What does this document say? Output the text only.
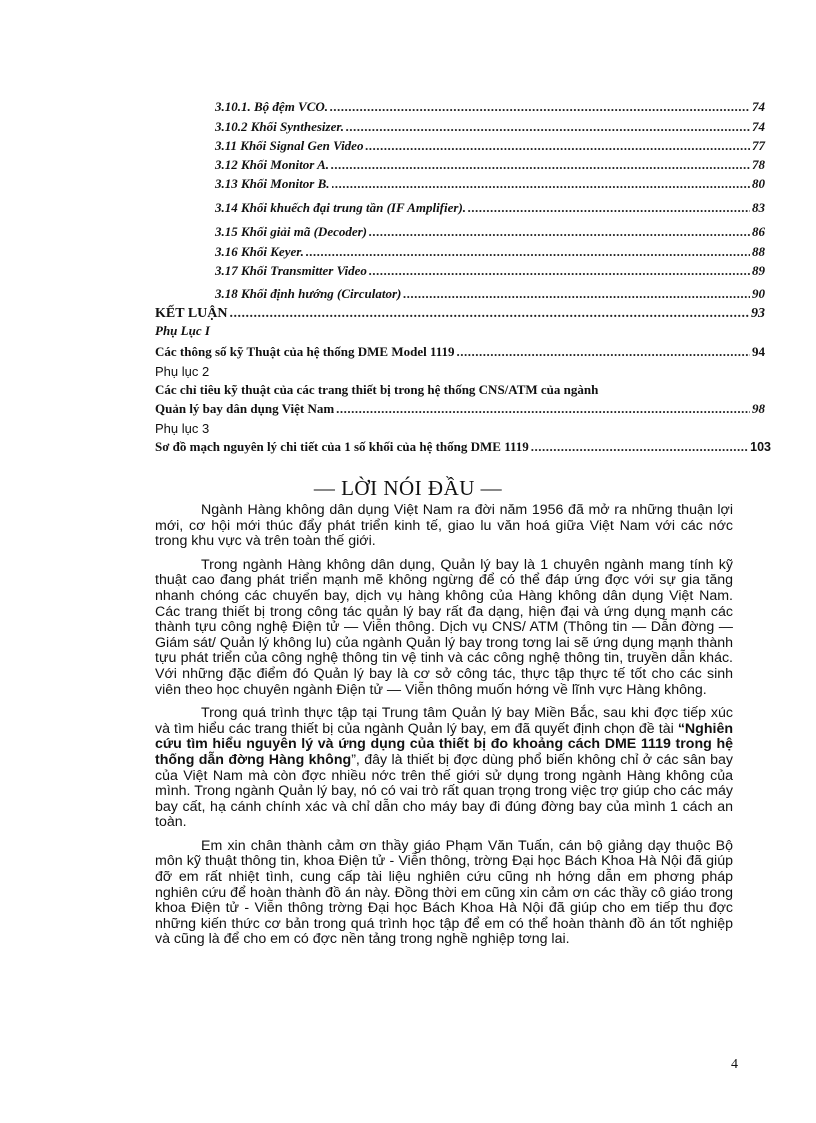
3.10.1. Bộ đệm VCO. .....	74
3.10.2 Khối Synthesizer. .....	74
3.11 Khối Signal Gen Video .....	77
3.12 Khối Monitor A. .....	78
3.13 Khối Monitor B. .....	80
3.14 Khối khuếch đại trung tần (IF Amplifier). .....	83
3.15 Khối giải mã (Decoder) .....	86
3.16 Khối Keyer. .....	88
3.17 Khối Transmitter Video .....	89
3.18 Khối định hướng (Circulator) .....	90
KẾT LUẬN .....	93
Phụ Lục I
Các thông số kỹ Thuật của hệ thống DME Model 1119 .....	94
Phụ lục 2
Các chỉ tiêu kỹ thuật của các trang thiết bị trong hệ thống CNS/ATM của ngành
Quản lý bay dân dụng Việt Nam .....	98
Phụ lục 3
Sơ đồ mạch nguyên lý chi tiết của 1 số khối của hệ thống DME 1119 .....	103
— LỜI NÓI ĐẦU —

Ngành Hàng không dân dụng Việt Nam ra đời năm 1956 đã mở ra những thuận lợi mới, cơ hội mới thúc đẩy phát triển kinh tế, giao lu văn hoá giữa Việt Nam với các nớc trong khu vực và trên toàn thế giới.

Trong ngành Hàng không dân dụng, Quản lý bay là 1 chuyên ngành mang tính kỹ thuật cao đang phát triển mạnh mẽ không ngừng để có thể đáp ứng đợc với sự gia tăng nhanh chóng các chuyến bay, dịch vụ hàng không của Hàng không dân dụng Việt Nam. Các trang thiết bị trong công tác quản lý bay rất đa dạng, hiện đại và ứng dụng mạnh các thành tựu công nghệ Điện tử — Viễn thông. Dịch vụ CNS/ ATM (Thông tin — Dẫn đờng — Giám sát/ Quản lý không lu) của ngành Quản lý bay trong tơng lai sẽ ứng dụng mạnh thành tựu phát triển của công nghệ thông tin vệ tinh và các công nghệ thông tin, truyền dẫn khác. Với những đặc điểm đó Quản lý bay là cơ sở công tác, thực tập thực tế tốt cho các sinh viên theo học chuyên ngành Điện tử — Viễn thông muốn hớng về lĩnh vực Hàng không.

Trong quá trình thực tập tại Trung tâm Quản lý bay Miền Bắc, sau khi đợc tiếp xúc và tìm hiểu các trang thiết bị của ngành Quản lý bay, em đã quyết định chọn đề tài “Nghiên cứu tìm hiểu nguyên lý và ứng dụng của thiết bị đo khoảng cách DME 1119 trong hệ thống dẫn đờng Hàng không”, đây là thiết bị đợc dùng phổ biến không chỉ ở các sân bay của Việt Nam mà còn đợc nhiều nớc trên thế giới sử dụng trong ngành Hàng không của mình. Trong ngành Quản lý bay, nó có vai trò rất quan trọng trong việc trợ giúp cho các máy bay cất, hạ cánh chính xác và chỉ dẫn cho máy bay đi đúng đờng bay của mình 1 cách an toàn.

Em xin chân thành cảm ơn thầy giáo Phạm Văn Tuấn, cán bộ giảng dạy thuộc Bộ môn kỹ thuật thông tin, khoa Điện tử - Viễn thông, trờng Đại học Bách Khoa Hà Nội đã giúp đỡ em rất nhiệt tình, cung cấp tài liệu nghiên cứu cũng nh hớng dẫn em phơng pháp nghiên cứu để hoàn thành đồ án này. Đồng thời em cũng xin cảm ơn các thầy cô giáo trong khoa Điện tử - Viễn thông trờng Đại học Bách Khoa Hà Nội đã giúp cho em tiếp thu đợc những kiến thức cơ bản trong quá trình học tập để em có thể hoàn thành đồ án tốt nghiệp và cũng là để cho em có đợc nền tảng trong nghề nghiệp tơng lai.

4
